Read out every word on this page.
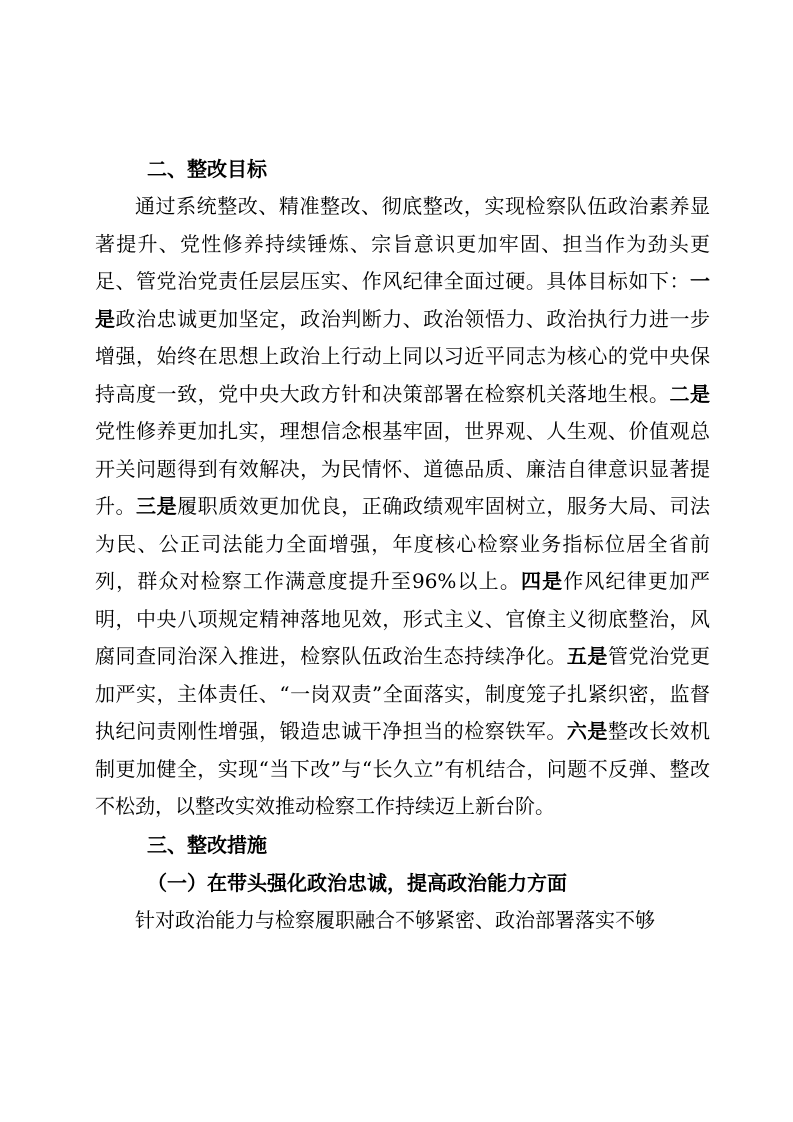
二、整改目标

通过系统整改、精准整改、彻底整改，实现检察队伍政治素养显著提升、党性修养持续锤炼、宗旨意识更加牢固、担当作为劲头更足、管党治党责任层层压实、作风纪律全面过硬。具体目标如下：一是政治忠诚更加坚定，政治判断力、政治领悟力、政治执行力进一步增强，始终在思想上政治上行动上同以习近平同志为核心的党中央保持高度一致，党中央大政方针和决策部署在检察机关落地生根。二是党性修养更加扎实，理想信念根基牢固，世界观、人生观、价值观总开关问题得到有效解决，为民情怀、道德品质、廉洁自律意识显著提升。三是履职质效更加优良，正确政绩观牢固树立，服务大局、司法为民、公正司法能力全面增强，年度核心检察业务指标位居全省前列，群众对检察工作满意度提升至96%以上。四是作风纪律更加严明，中央八项规定精神落地见效，形式主义、官僚主义彻底整治，风腐同查同治深入推进，检察队伍政治生态持续净化。五是管党治党更加严实，主体责任、“一岗双责”全面落实，制度笼子扎紧织密，监督执纪问责刚性增强，锻造忠诚干净担当的检察铁军。六是整改长效机制更加健全，实现“当下改”与“长久立”有机结合，问题不反弹、整改不松劲，以整改实效推动检察工作持续迈上新台阶。

三、整改措施
（一）在带头强化政治忠诚，提高政治能力方面

针对政治能力与检察履职融合不够紧密、政治部署落实不够
